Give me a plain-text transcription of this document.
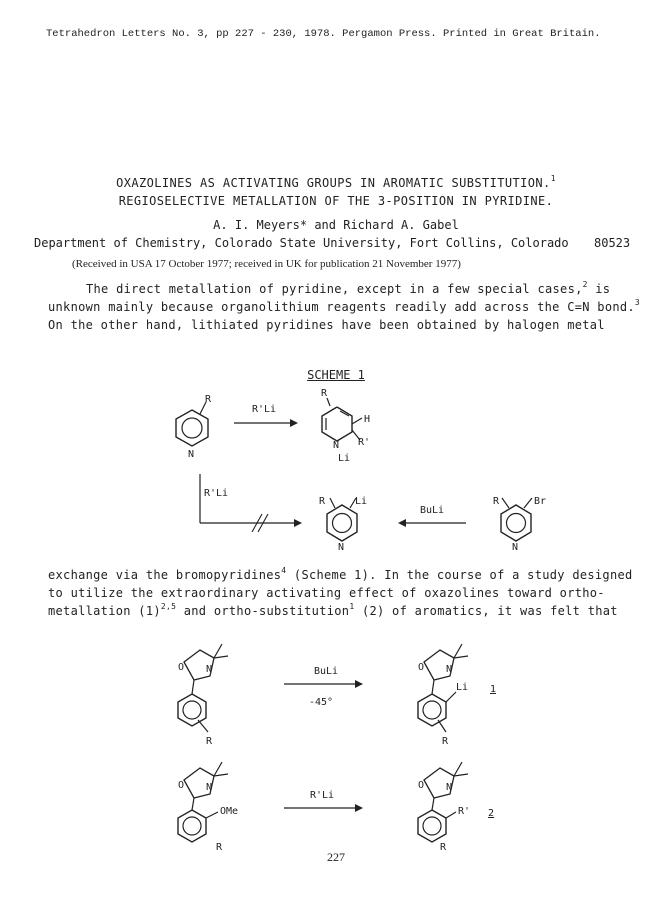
Tetrahedron Letters No. 3, pp 227 - 230, 1978. Pergamon Press. Printed in Great Britain.
OXAZOLINES AS ACTIVATING GROUPS IN AROMATIC SUBSTITUTION.$^1$
REGIOSELECTIVE METALLATION OF THE 3-POSITION IN PYRIDINE.
A. I. Meyers* and Richard A. Gabel
Department of Chemistry, Colorado State University, Fort Collins, Colorado 80523
(Received in USA 17 October 1977; received in UK for publication 21 November 1977)
The direct metallation of pyridine, except in a few special cases,$^2$ is
unknown mainly because organolithium reagents readily add across the C=N bond.$^3$
On the other hand, lithiated pyridines have been obtained by halogen metal
SCHEME 1
R
N
R'Li
R
H
N R'
Li
R'Li
R	Li
N
BuLi
R	Br
N
exchange via the bromopyridines$^4$ (Scheme 1). In the course of a study designed
to utilize the extraordinary activating effect of oxazolines toward ortho-
metallation $(1)^{2,5}$ and ortho-substitution$^1$ (2) of aromatics, it was felt that
O N
R
BuLi
-45°
O N
Li
R
1
O N
OMe
R
R'Li
O N
R'
R
2
227
